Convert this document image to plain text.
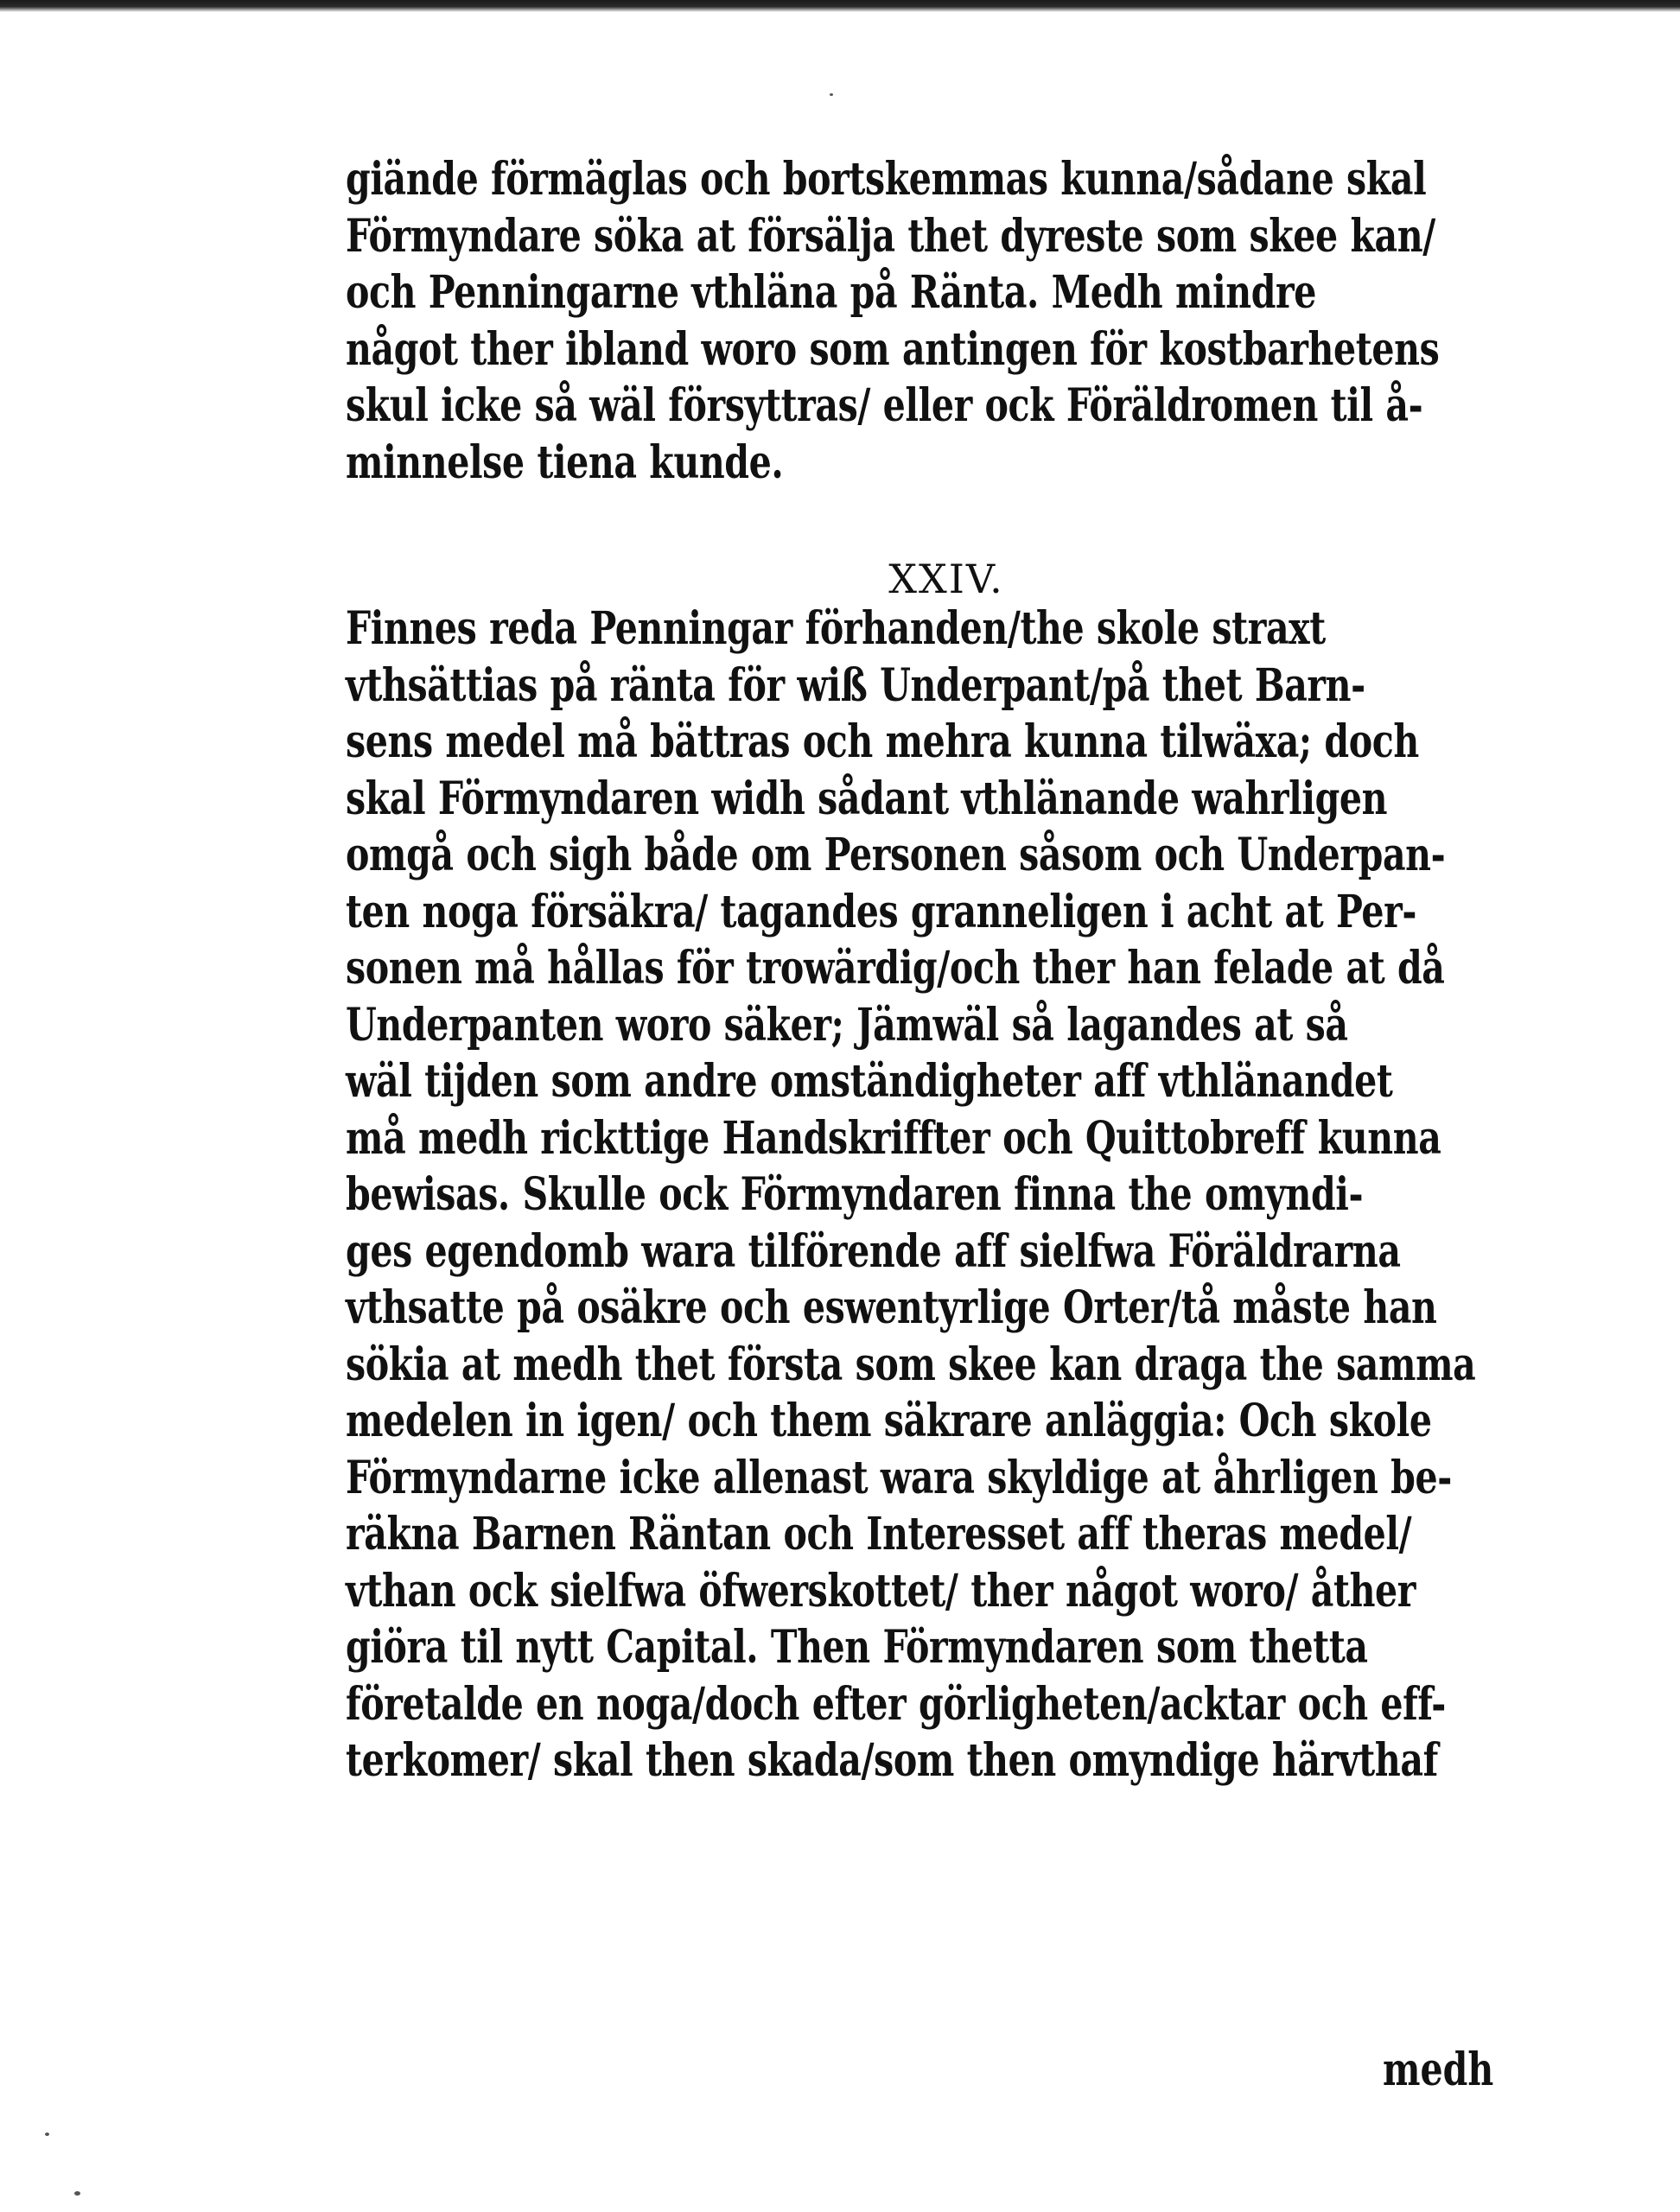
giände förmäglas och bortskemmas kunna/sådane skal
Förmyndare söka at försälja thet dyreste som skee kan/
och Penningarne vthläna på Ränta. Medh mindre
något ther ibland woro som antingen för kostbarhetens
skul icke så wäl försyttras/ eller ock Föräldromen til å-
minnelse tiena kunde.

XXIV.

Finnes reda Penningar förhanden/the skole straxt
vthsättias på ränta för wiß Underpant/på thet Barn-
sens medel må bättras och mehra kunna tilwäxa; doch
skal Förmyndaren widh sådant vthlänande wahrligen
omgå och sigh både om Personen såsom och Underpan-
ten noga försäkra/ tagandes granneligen i acht at Per-
sonen må hållas för trowärdig/och ther han felade at då
Underpanten woro säker; Jämwäl så lagandes at så
wäl tijden som andre omständigheter aff vthlänandet
må medh rickttige Handskriffter och Quittobreff kunna
bewisas. Skulle ock Förmyndaren finna the omyndi-
ges egendomb wara tilförende aff sielfwa Föräldrarna
vthsatte på osäkre och eswentyrlige Orter/tå måste han
sökia at medh thet första som skee kan draga the samma
medelen in igen/ och them säkrare anläggia: Och skole
Förmyndarne icke allenast wara skyldige at åhrligen be-
räkna Barnen Räntan och Interesset aff theras medel/
vthan ock sielfwa öfwerskottet/ ther något woro/ åther
giöra til nytt Capital. Then Förmyndaren som thetta
företalde en noga/doch efter görligheten/acktar och eff-
terkomer/ skal then skada/som then omyndige härvthaf

medh
